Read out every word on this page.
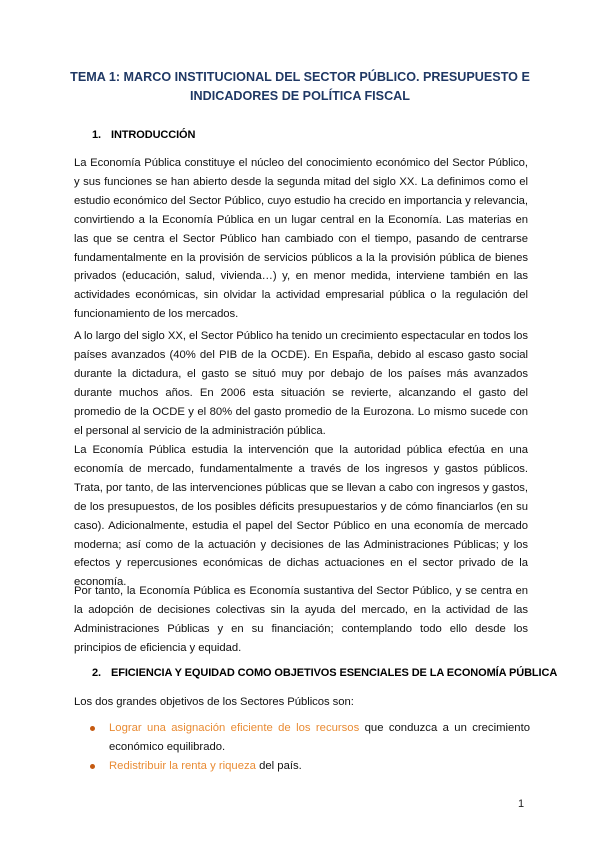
TEMA 1: MARCO INSTITUCIONAL DEL SECTOR PÚBLICO. PRESUPUESTO E INDICADORES DE POLÍTICA FISCAL
1. INTRODUCCIÓN
La Economía Pública constituye el núcleo del conocimiento económico del Sector Público, y sus funciones se han abierto desde la segunda mitad del siglo XX. La definimos como el estudio económico del Sector Público, cuyo estudio ha crecido en importancia y relevancia, convirtiendo a la Economía Pública en un lugar central en la Economía. Las materias en las que se centra el Sector Público han cambiado con el tiempo, pasando de centrarse fundamentalmente en la provisión de servicios públicos a la la provisión pública de bienes privados (educación, salud, vivienda…) y, en menor medida, interviene también en las actividades económicas, sin olvidar la actividad empresarial pública o la regulación del funcionamiento de los mercados.
A lo largo del siglo XX, el Sector Público ha tenido un crecimiento espectacular en todos los países avanzados (40% del PIB de la OCDE). En España, debido al escaso gasto social durante la dictadura, el gasto se situó muy por debajo de los países más avanzados durante muchos años. En 2006 esta situación se revierte, alcanzando el gasto del promedio de la OCDE y el 80% del gasto promedio de la Eurozona. Lo mismo sucede con el personal al servicio de la administración pública.
La Economía Pública estudia la intervención que la autoridad pública efectúa en una economía de mercado, fundamentalmente a través de los ingresos y gastos públicos. Trata, por tanto, de las intervenciones públicas que se llevan a cabo con ingresos y gastos, de los presupuestos, de los posibles déficits presupuestarios y de cómo financiarlos (en su caso). Adicionalmente, estudia el papel del Sector Público en una economía de mercado moderna; así como de la actuación y decisiones de las Administraciones Públicas; y los efectos y repercusiones económicas de dichas actuaciones en el sector privado de la economía.
Por tanto, la Economía Pública es Economía sustantiva del Sector Público, y se centra en la adopción de decisiones colectivas sin la ayuda del mercado, en la actividad de las Administraciones Públicas y en su financiación; contemplando todo ello desde los principios de eficiencia y equidad.
2. EFICIENCIA Y EQUIDAD COMO OBJETIVOS ESENCIALES DE LA ECONOMÍA PÚBLICA
Los dos grandes objetivos de los Sectores Públicos son:
Lograr una asignación eficiente de los recursos que conduzca a un crecimiento económico equilibrado.
Redistribuir la renta y riqueza del país.
1
